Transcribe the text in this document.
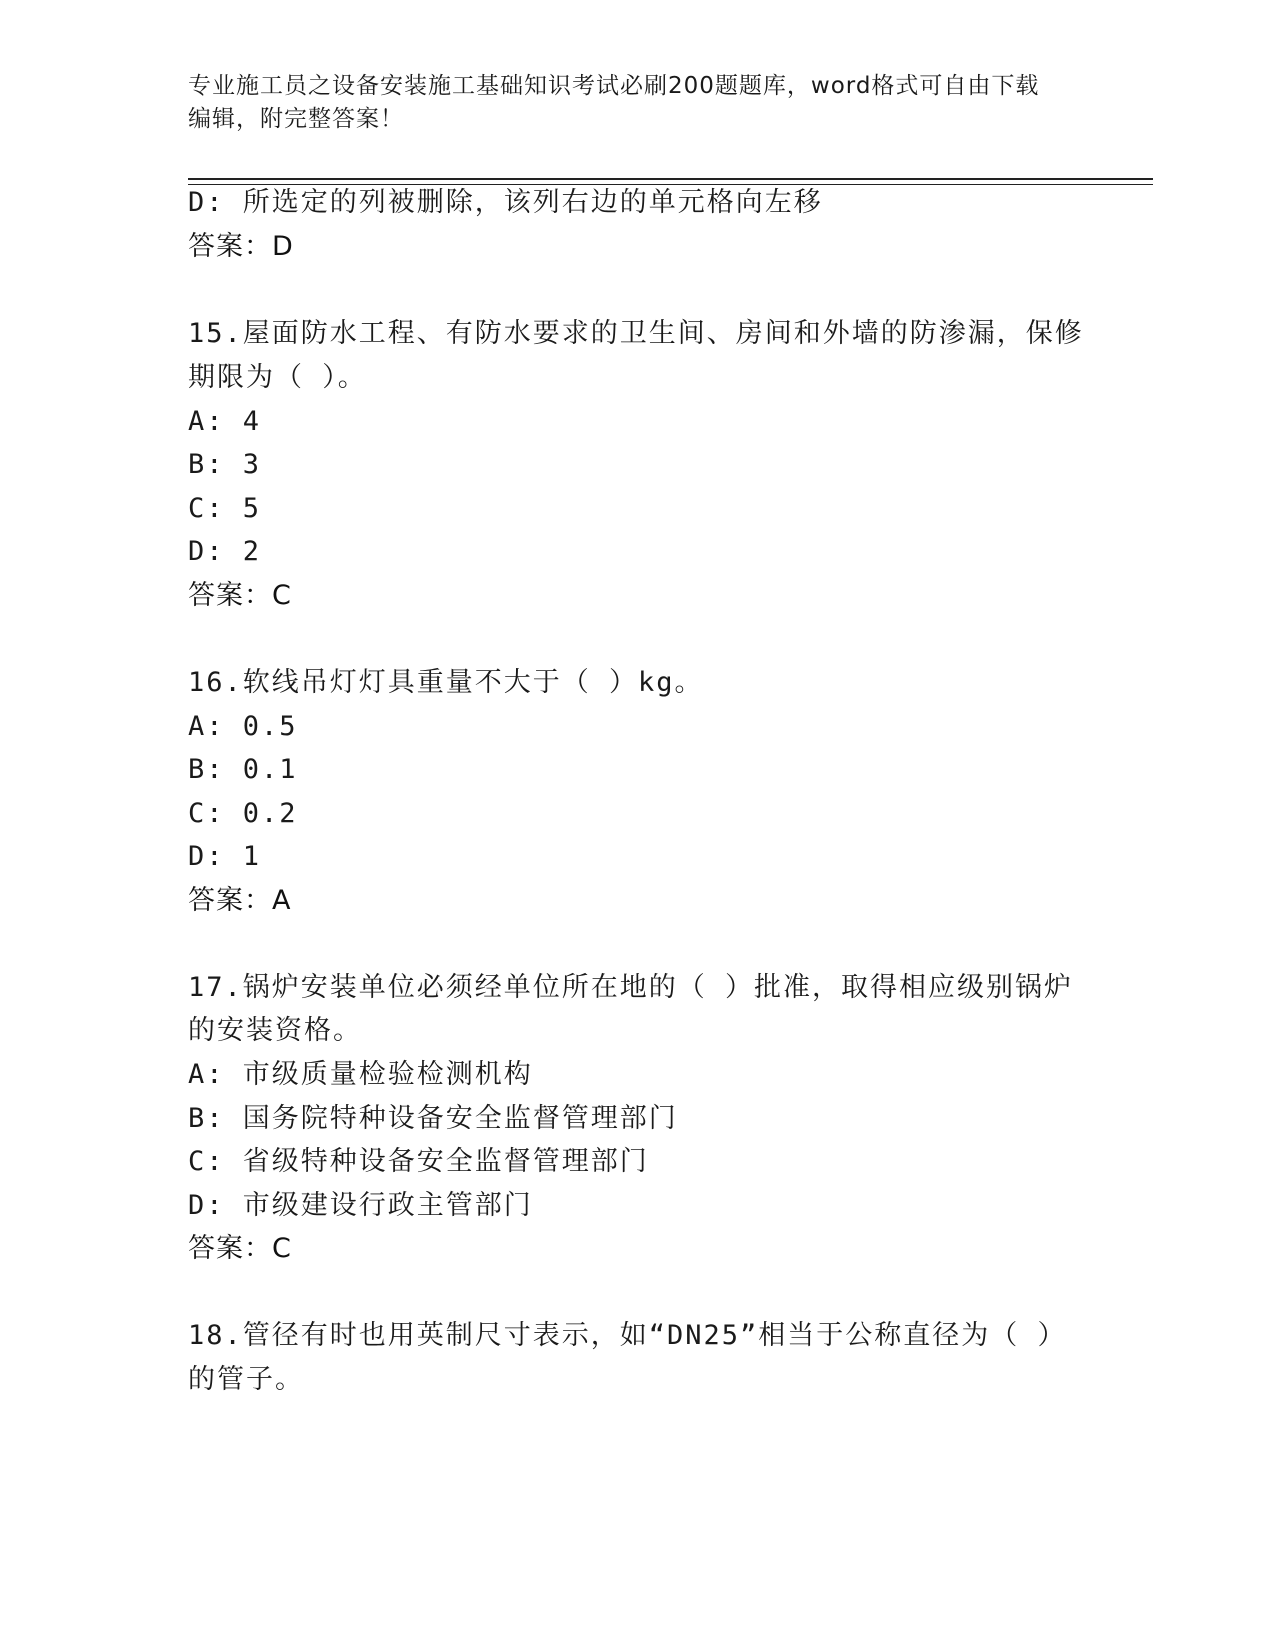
专业施工员之设备安装施工基础知识考试必刷200题题库，word格式可自由下载
编辑，附完整答案！
D: 所选定的列被删除，该列右边的单元格向左移
答案：D
15.屋面防水工程、有防水要求的卫生间、房间和外墙的防渗漏，保修
期限为（ ）。
A: 4
B: 3
C: 5
D: 2
答案：C
16.软线吊灯灯具重量不大于（ ）kg。
A: 0.5
B: 0.1
C: 0.2
D: 1
答案：A
17.锅炉安装单位必须经单位所在地的（ ）批准，取得相应级别锅炉
的安装资格。
A: 市级质量检验检测机构
B: 国务院特种设备安全监督管理部门
C: 省级特种设备安全监督管理部门
D: 市级建设行政主管部门
答案：C
18.管径有时也用英制尺寸表示，如“DN25”相当于公称直径为（ ）
的管子。
